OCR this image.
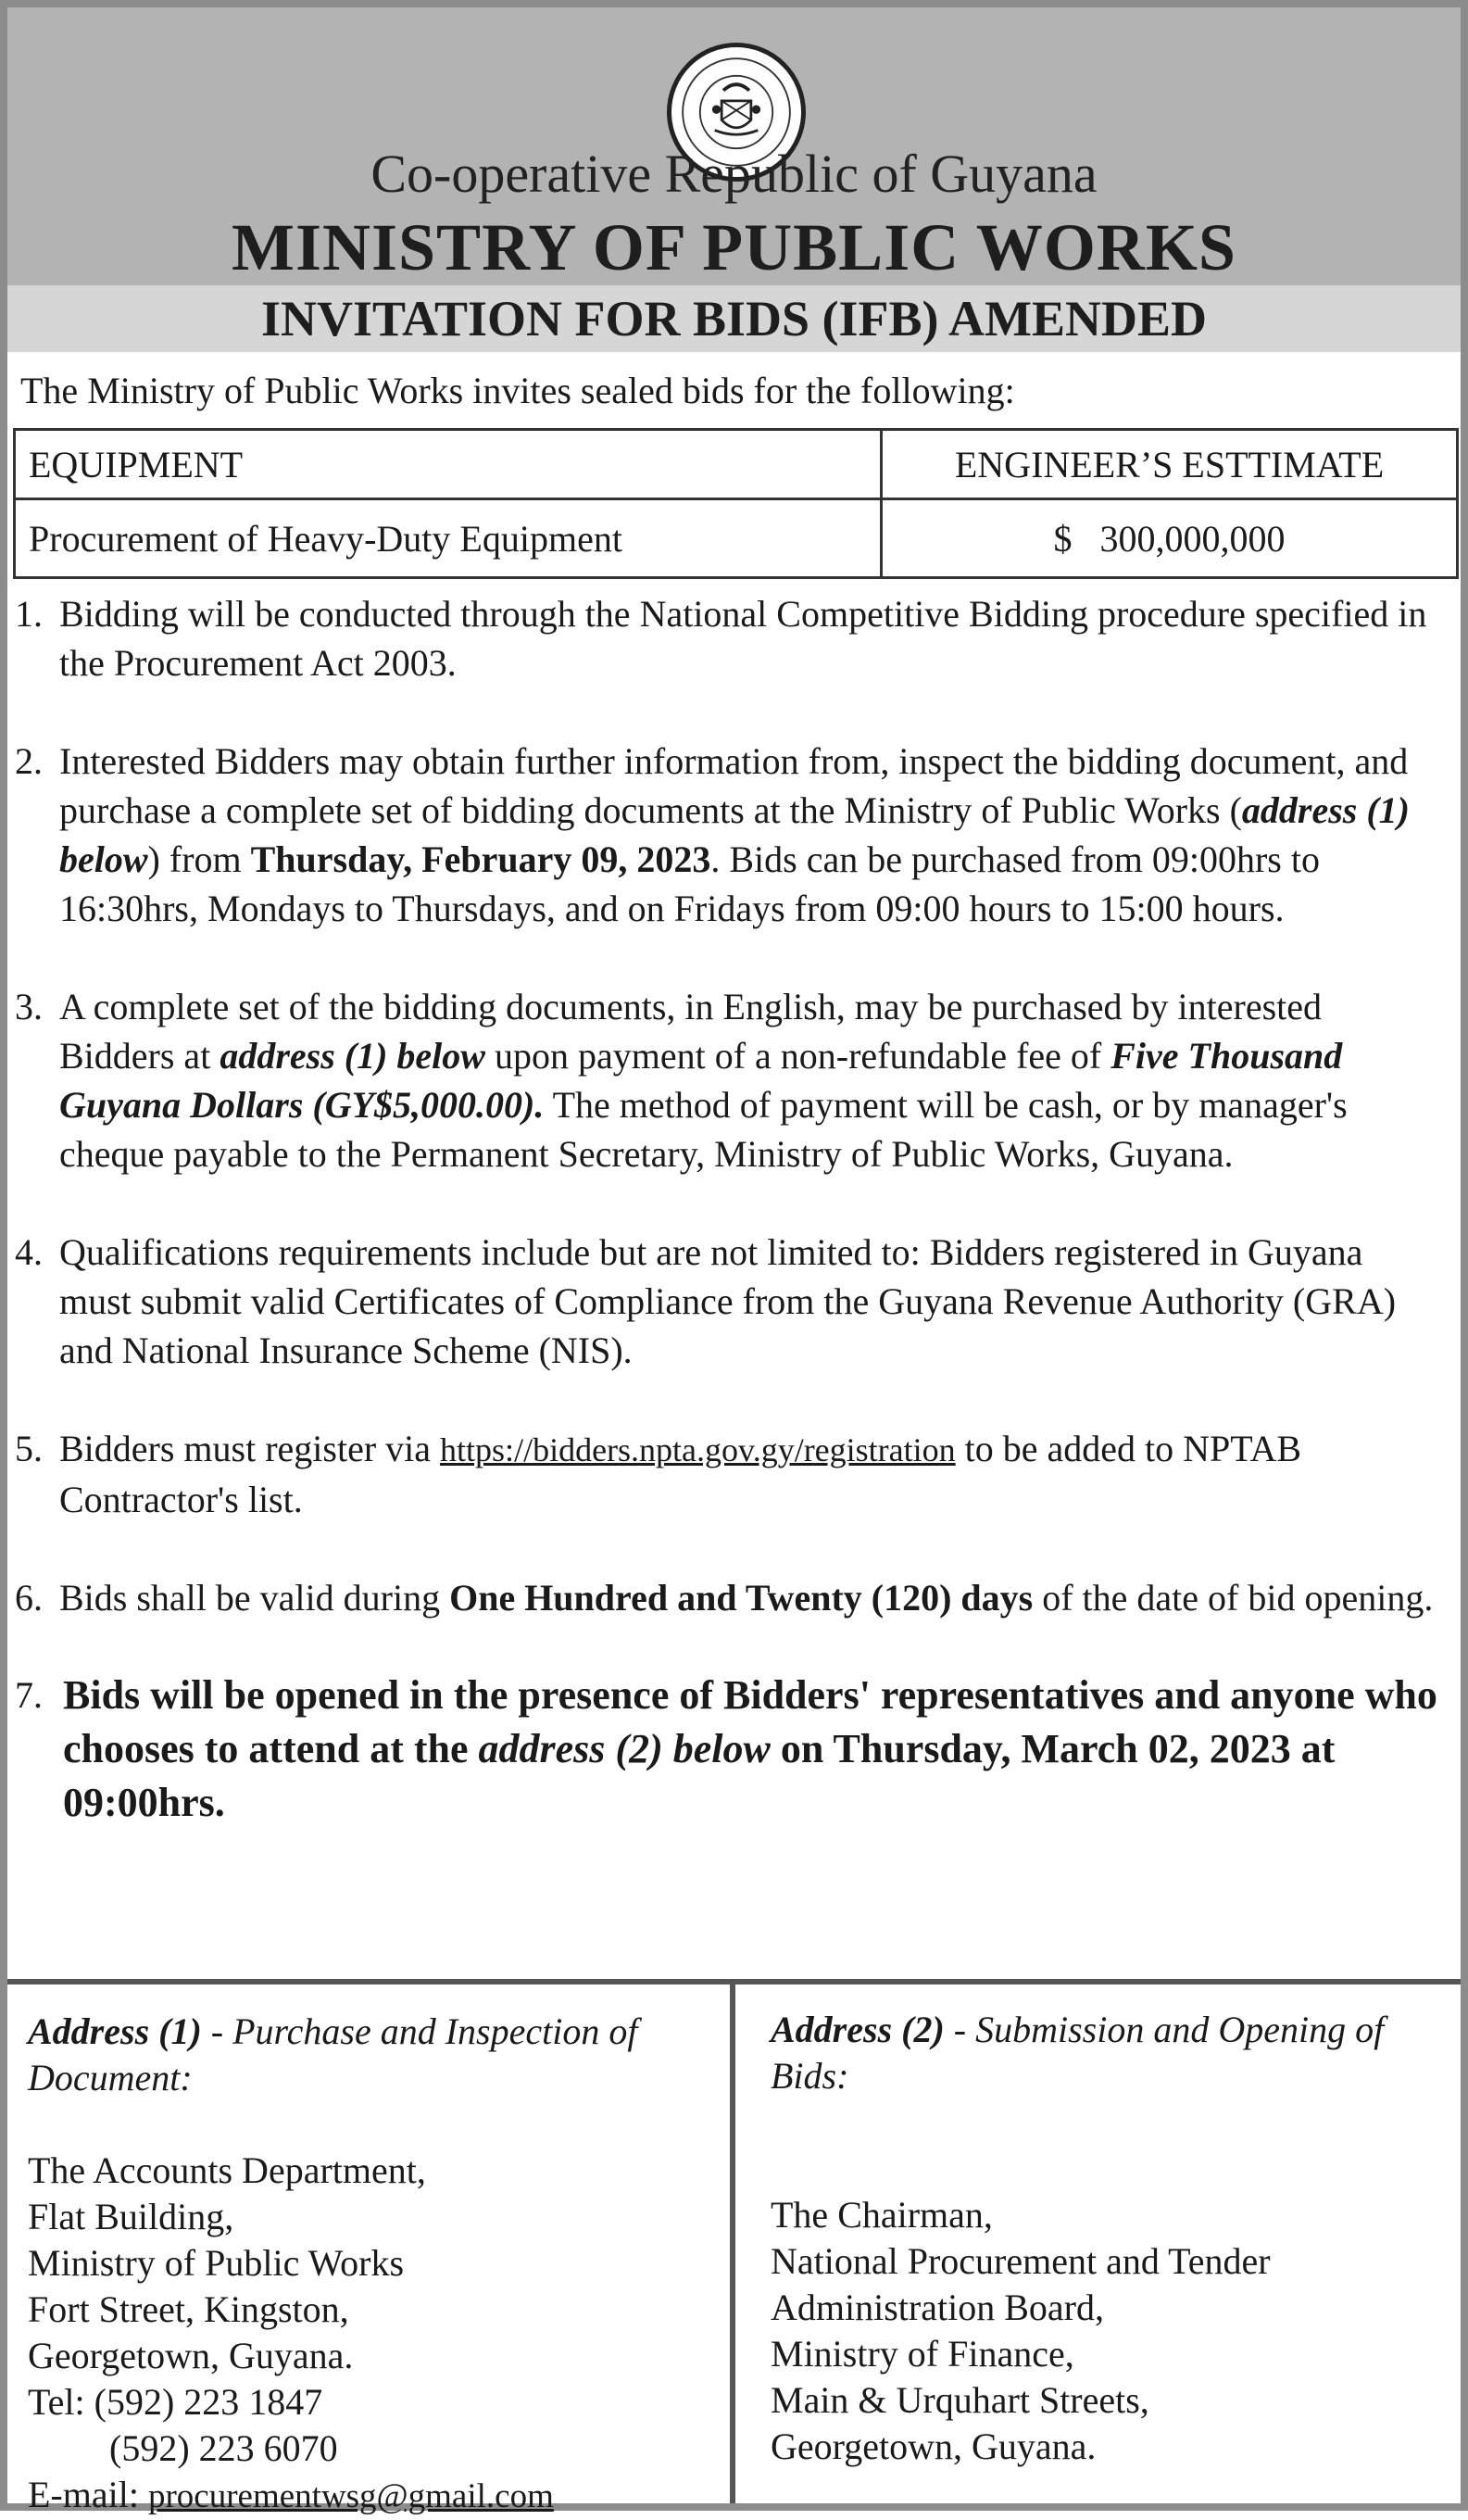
Co-operative Republic of Guyana
MINISTRY OF PUBLIC WORKS
INVITATION FOR BIDS (IFB) AMENDED
The Ministry of Public Works invites sealed bids for the following:
EQUIPMENT	ENGINEER’S ESTTIMATE
Procurement of Heavy-Duty Equipment	$ 300,000,000

1. Bidding will be conducted through the National Competitive Bidding procedure specified in the Procurement Act 2003.

2. Interested Bidders may obtain further information from, inspect the bidding document, and purchase a complete set of bidding documents at the Ministry of Public Works (address (1) below) from Thursday, February 09, 2023. Bids can be purchased from 09:00hrs to 16:30hrs, Mondays to Thursdays, and on Fridays from 09:00 hours to 15:00 hours.

3. A complete set of the bidding documents, in English, may be purchased by interested Bidders at address (1) below upon payment of a non-refundable fee of Five Thousand Guyana Dollars (GY$5,000.00). The method of payment will be cash, or by manager's cheque payable to the Permanent Secretary, Ministry of Public Works, Guyana.

4. Qualifications requirements include but are not limited to: Bidders registered in Guyana must submit valid Certificates of Compliance from the Guyana Revenue Authority (GRA) and National Insurance Scheme (NIS).

5. Bidders must register via https://bidders.npta.gov.gy/registration to be added to NPTAB Contractor's list.

6. Bids shall be valid during One Hundred and Twenty (120) days of the date of bid opening.

7. Bids will be opened in the presence of Bidders' representatives and anyone who chooses to attend at the address (2) below on Thursday, March 02, 2023 at 09:00hrs.

Address (1) - Purchase and Inspection of Document:

The Accounts Department,

Flat Building,

Ministry of Public Works

Fort Street, Kingston,

Georgetown, Guyana.

Tel: (592) 223 1847

(592) 223 6070

E-mail: procurementwsg@gmail.com

Address (2) - Submission and Opening of Bids:

The Chairman,

National Procurement and Tender

Administration Board,

Ministry of Finance,

Main & Urquhart Streets,

Georgetown, Guyana.
